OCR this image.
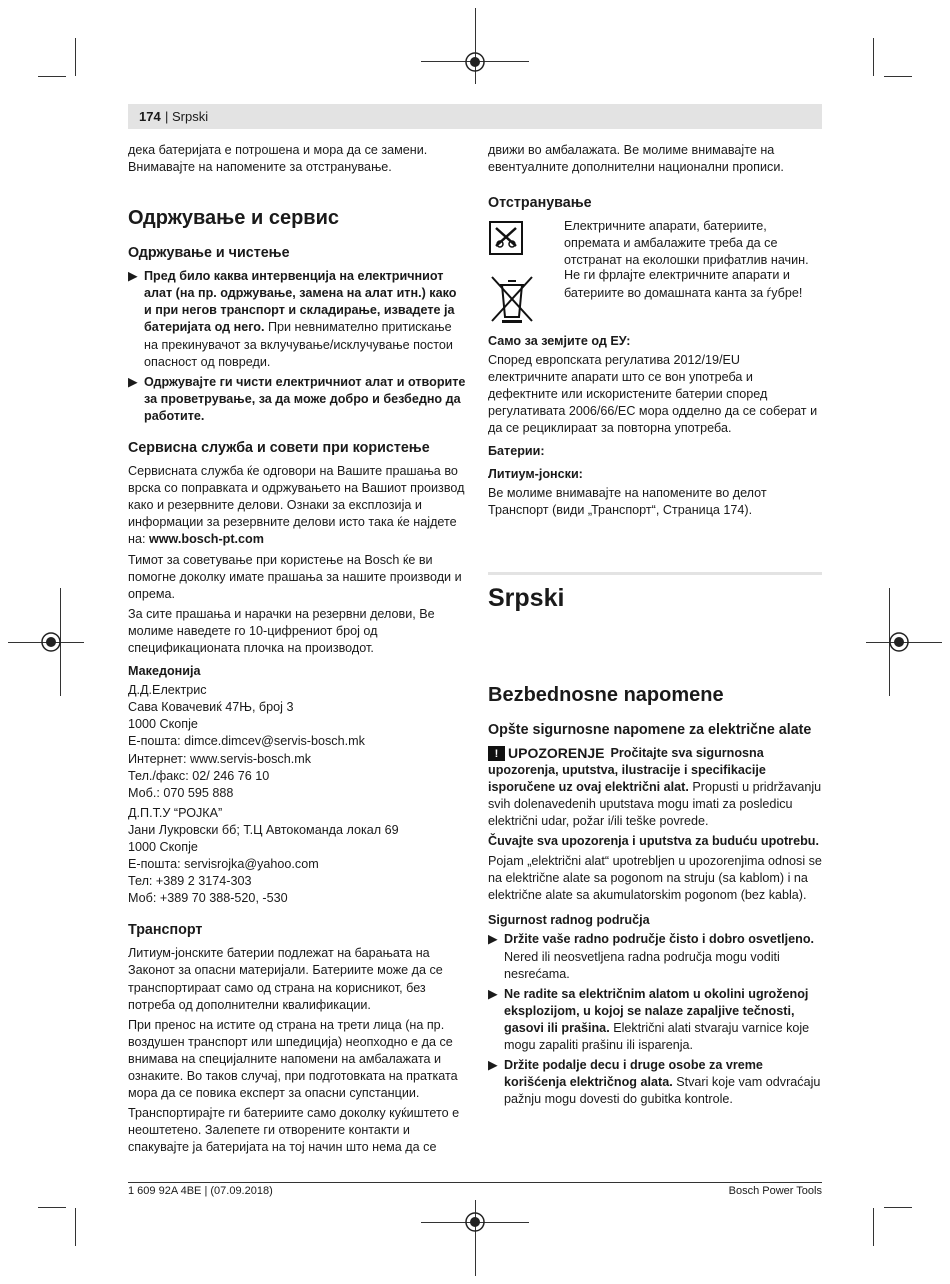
174 | Srpski

дека батеријата е потрошена и мора да се замени. Внимавајте на напомените за отстранување.

Одржување и сервис
Одржување и чистење
▶ Пред било каква интервенција на електричниот алат (на пр. одржување, замена на алат итн.) како и при негов транспорт и складирање, извадете ја батеријата од него. При невнимателно притискање на прекинувачот за вклучување/исклучување постои опасност од повреди.
▶ Одржувајте ги чисти електричниот алат и отворите за проветрување, за да може добро и безбедно да работите.
Сервисна служба и совети при користење

Сервисната служба ќе одговори на Вашите прашања во врска со поправката и одржувањето на Вашиот производ како и резервните делови. Ознаки за експлозија и информации за резервните делови исто така ќе најдете на: www.bosch-pt.com

Тимот за советување при користење на Bosch ќе ви помогне доколку имате прашања за нашите производи и опрема.

За сите прашања и нарачки на резервни делови, Ве молиме наведете го 10-цифрениот број од спецификационата плочка на производот.

Македонија
Д.Д.Електрис
Сава Ковачевиќ 47Њ, број 3
1000 Скопје
Е-пошта: dimce.dimcev@servis-bosch.mk
Интернет: www.servis-bosch.mk
Тел./факс: 02/ 246 76 10
Моб.: 070 595 888
Д.П.Т.У “РОЈКА”
Јани Лукровски бб; Т.Ц Автокоманда локал 69
1000 Скопје
Е-пошта: servisrojka@yahoo.com
Тел: +389 2 3174-303
Моб: +389 70 388-520, -530
Транспорт

Литиум-јонските батерии подлежат на барањата на Законот за опасни материјали. Батериите може да се транспортираат само од страна на корисникот, без потреба од дополнителни квалификации.

При пренос на истите од страна на трети лица (на пр. воздушен транспорт или шпедиција) неопходно е да се внимава на специјалните напомени на амбалажата и ознаките. Во таков случај, при подготовката на пратката мора да се повика експерт за опасни супстанции.

Транспортирајте ги батериите само доколку куќиштето е неоштетено. Залепете ги отворените контакти и спакувајте ја батеријата на тој начин што нема да се

движи во амбалажата. Ве молиме внимавајте на евентуалните дополнителни национални прописи.

Отстранување
Електричните апарати, батериите, опремата и амбалажите треба да се отстранат на еколошки прифатлив начин.
Не ги фрлајте електричните апарати и батериите во домашната канта за ѓубре!
Само за земјите од ЕУ:

Според европската регулатива 2012/19/EU електричните апарати што се вон употреба и дефектните или искористените батерии според регулативата 2006/66/EC мора одделно да се соберат и да се рециклираат за повторна употреба.

Батерии:
Литиум-јонски:

Ве молиме внимавајте на напомените во делот Транспорт (види „Транспорт“, Страница 174).

Srpski
Bezbednosne napomene
Opšte sigurnosne napomene za električne alate

! UPOZORENJE Pročitajte sva sigurnosna upozorenja, uputstva, ilustracije i specifikacije isporučene uz ovaj električni alat. Propusti u pridržavanju svih dolenavedenih uputstava mogu imati za posledicu električni udar, požar i/ili teške povrede.

Čuvajte sva upozorenja i uputstva za buduću upotrebu.

Pojam „električni alat“ upotrebljen u upozorenjima odnosi se na električne alate sa pogonom na struju (sa kablom) i na električne alate sa akumulatorskim pogonom (bez kabla).

Sigurnost radnog područja
▶ Držite vaše radno područje čisto i dobro osvetljeno. Nered ili neosvetljena radna područja mogu voditi nesrećama.
▶ Ne radite sa električnim alatom u okolini ugroženoj eksplozijom, u kojoj se nalaze zapaljive tečnosti, gasovi ili prašina. Električni alati stvaraju varnice koje mogu zapaliti prašinu ili isparenja.
▶ Držite podalje decu i druge osobe za vreme korišćenja električnog alata. Stvari koje vam odvraćaju pažnju mogu dovesti do gubitka kontrole.
1 609 92A 4BE | (07.09.2018)	Bosch Power Tools
